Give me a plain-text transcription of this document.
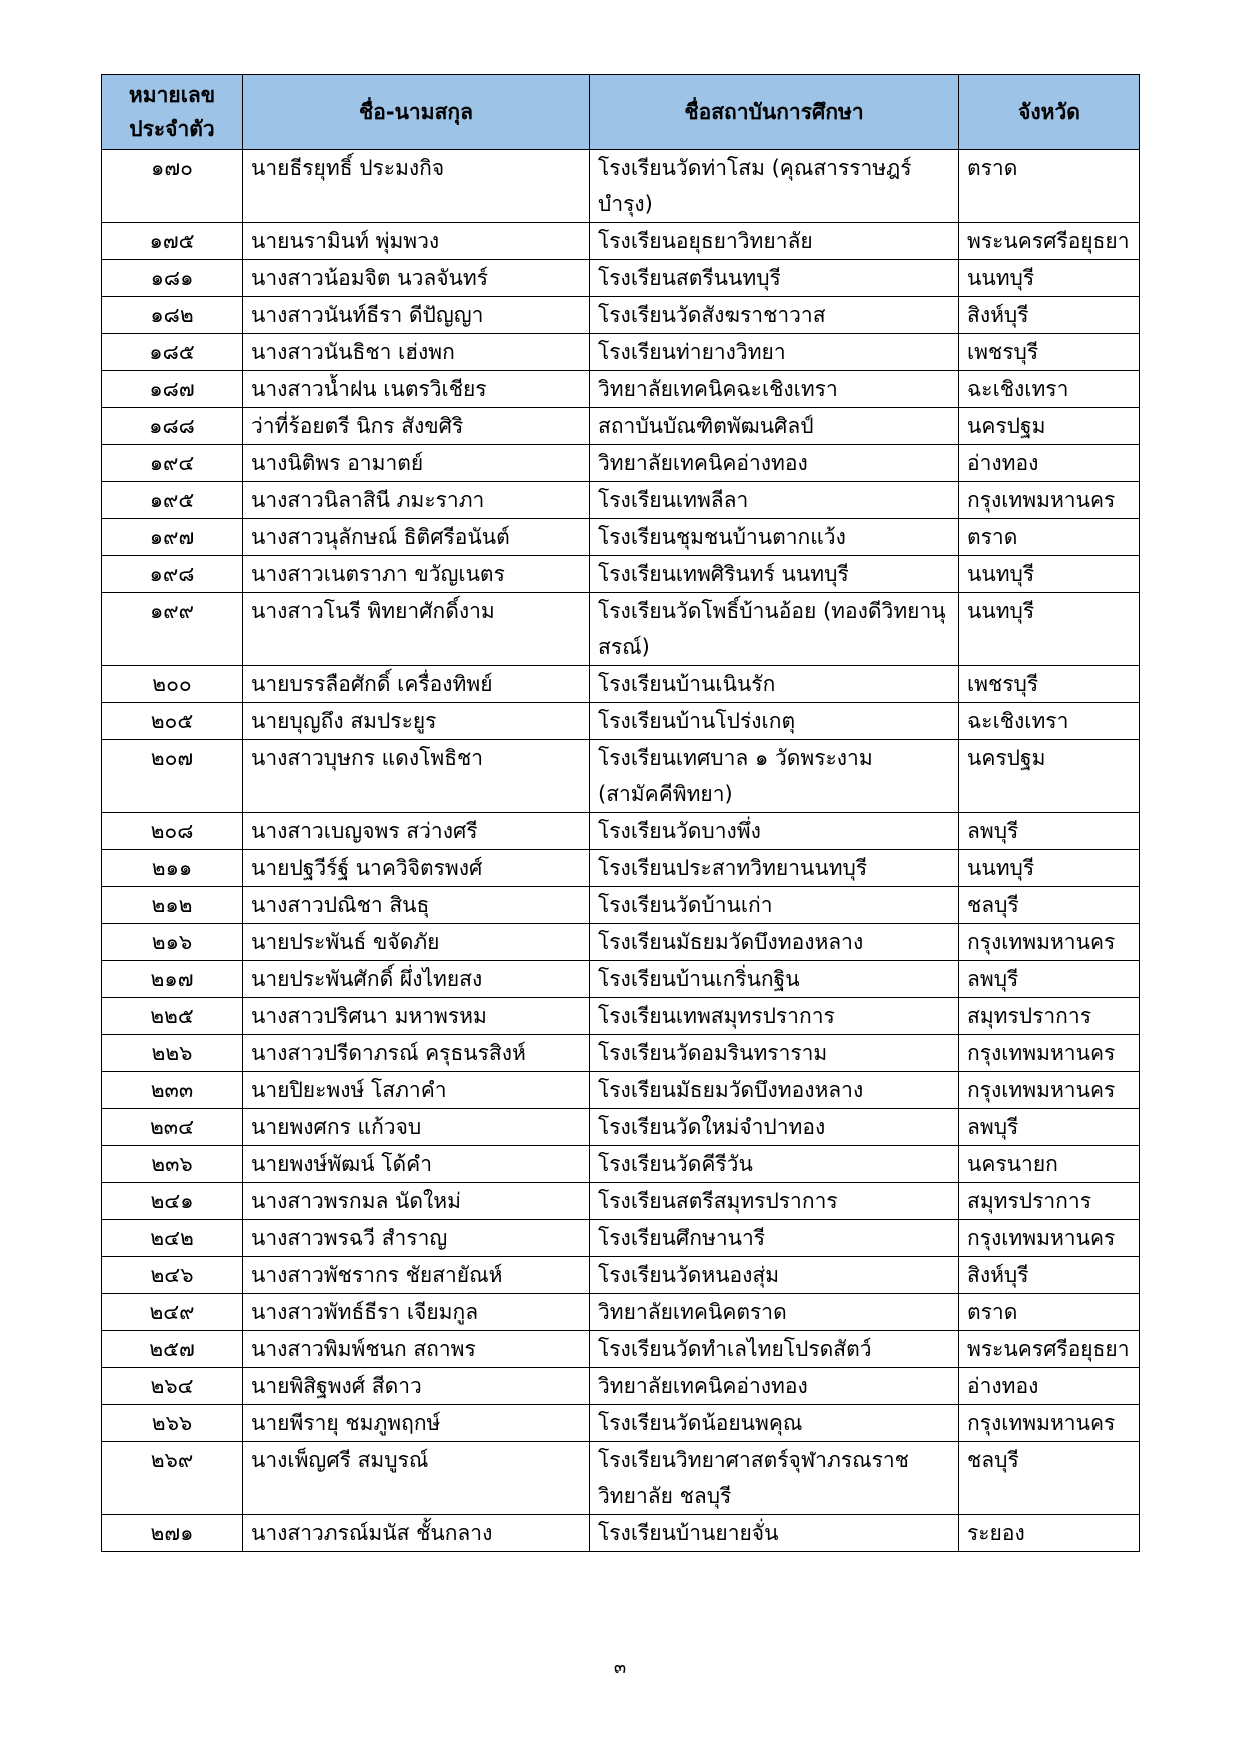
หมายเลข ประจำตัว	ชื่อ-นามสกุล	ชื่อสถาบันการศึกษา	จังหวัด
๑๗๐	นายธีรยุทธิ์ ประมงกิจ	โรงเรียนวัดท่าโสม (คุณสารราษฎร์บำรุง)	ตราด
๑๗๕	นายนรามินท์ พุ่มพวง	โรงเรียนอยุธยาวิทยาลัย	พระนครศรีอยุธยา
๑๘๑	นางสาวน้อมจิต นวลจันทร์	โรงเรียนสตรีนนทบุรี	นนทบุรี
๑๘๒	นางสาวนันท์ธีรา ดีปัญญา	โรงเรียนวัดสังฆราชาวาส	สิงห์บุรี
๑๘๕	นางสาวนันธิชา เฮ่งพก	โรงเรียนท่ายางวิทยา	เพชรบุรี
๑๘๗	นางสาวน้ำฝน เนตรวิเชียร	วิทยาลัยเทคนิคฉะเชิงเทรา	ฉะเชิงเทรา
๑๘๘	ว่าที่ร้อยตรี นิกร สังขศิริ	สถาบันบัณฑิตพัฒนศิลป์	นครปฐม
๑๙๔	นางนิติพร อามาตย์	วิทยาลัยเทคนิคอ่างทอง	อ่างทอง
๑๙๕	นางสาวนิลาสินี ภมะราภา	โรงเรียนเทพลีลา	กรุงเทพมหานคร
๑๙๗	นางสาวนุลักษณ์ ธิติศรีอนันต์	โรงเรียนชุมชนบ้านตากแว้ง	ตราด
๑๙๘	นางสาวเนตราภา ขวัญเนตร	โรงเรียนเทพศิรินทร์ นนทบุรี	นนทบุรี
๑๙๙	นางสาวโนรี พิทยาศักดิ์งาม	โรงเรียนวัดโพธิ์บ้านอ้อย (ทองดีวิทยานุสรณ์)	นนทบุรี
๒๐๐	นายบรรลือศักดิ์ เครื่องทิพย์	โรงเรียนบ้านเนินรัก	เพชรบุรี
๒๐๕	นายบุญถึง สมประยูร	โรงเรียนบ้านโปร่งเกตุ	ฉะเชิงเทรา
๒๐๗	นางสาวบุษกร แดงโพธิชา	โรงเรียนเทศบาล ๑ วัดพระงาม (สามัคคีพิทยา)	นครปฐม
๒๐๘	นางสาวเบญจพร สว่างศรี	โรงเรียนวัดบางพึ่ง	ลพบุรี
๒๑๑	นายปฐวีร์ฐ์ นาควิจิตรพงศ์	โรงเรียนประสาทวิทยานนทบุรี	นนทบุรี
๒๑๒	นางสาวปณิชา สินธุ	โรงเรียนวัดบ้านเก่า	ชลบุรี
๒๑๖	นายประพันธ์ ขจัดภัย	โรงเรียนมัธยมวัดบึงทองหลาง	กรุงเทพมหานคร
๒๑๗	นายประพันศักดิ์ ผึ่งไทยสง	โรงเรียนบ้านเกริ่นกฐิน	ลพบุรี
๒๒๕	นางสาวปริศนา มหาพรหม	โรงเรียนเทพสมุทรปราการ	สมุทรปราการ
๒๒๖	นางสาวปรีดาภรณ์ ครุธนรสิงห์	โรงเรียนวัดอมรินทราราม	กรุงเทพมหานคร
๒๓๓	นายปิยะพงษ์ โสภาคำ	โรงเรียนมัธยมวัดบึงทองหลาง	กรุงเทพมหานคร
๒๓๔	นายพงศกร แก้วจบ	โรงเรียนวัดใหม่จำปาทอง	ลพบุรี
๒๓๖	นายพงษ์พัฒน์ โด้คำ	โรงเรียนวัดคีรีวัน	นครนายก
๒๔๑	นางสาวพรกมล นัดใหม่	โรงเรียนสตรีสมุทรปราการ	สมุทรปราการ
๒๔๒	นางสาวพรฉวี สำราญ	โรงเรียนศึกษานารี	กรุงเทพมหานคร
๒๔๖	นางสาวพัชรากร ชัยสายัณห์	โรงเรียนวัดหนองสุ่ม	สิงห์บุรี
๒๔๙	นางสาวพัทธ์ธีรา เจียมกูล	วิทยาลัยเทคนิคตราด	ตราด
๒๕๗	นางสาวพิมพ์ชนก สถาพร	โรงเรียนวัดทำเลไทยโปรดสัตว์	พระนครศรีอยุธยา
๒๖๔	นายพิสิฐพงศ์ สีดาว	วิทยาลัยเทคนิคอ่างทอง	อ่างทอง
๒๖๖	นายพีรายุ ชมภูพฤกษ์	โรงเรียนวัดน้อยนพคุณ	กรุงเทพมหานคร
๒๖๙	นางเพ็ญศรี สมบูรณ์	โรงเรียนวิทยาศาสตร์จุฬาภรณราชวิทยาลัย ชลบุรี	ชลบุรี
๒๗๑	นางสาวภรณ์มนัส ชั้นกลาง	โรงเรียนบ้านยายจั่น	ระยอง
๓
